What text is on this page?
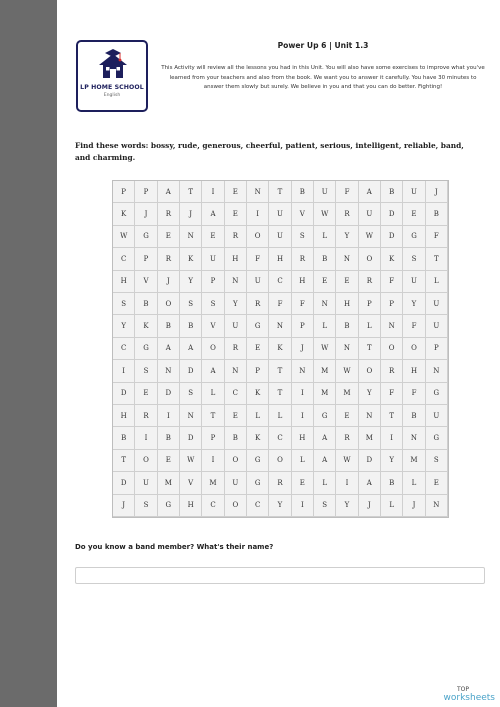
LP HOME SCHOOL
English
Power Up 6 | Unit 1.3
This Activity will review all the lessons you had in this Unit. You will also have some exercises to improve what you've learned from your teachers and also from the book. We want you to answer it carefully. You have 30 minutes to answer them slowly but surely. We believe in you and that you can do better. Fighting!
Find these words: bossy, rude, generous, cheerful, patient, serious, intelligent, reliable, band, and charming.
P	P	A	T	I	E	N	T	B	U	F	A	B	U	J
K	J	R	J	A	E	I	U	V	W	R	U	D	E	B
W	G	E	N	E	R	O	U	S	L	Y	W	D	G	F
C	P	R	K	U	H	F	H	R	B	N	O	K	S	T
H	V	J	Y	P	N	U	C	H	E	E	R	F	U	L
S	B	O	S	S	Y	R	F	F	N	H	P	P	Y	U
Y	K	B	B	V	U	G	N	P	L	B	L	N	F	U
C	G	A	A	O	R	E	K	J	W	N	T	O	O	P
I	S	N	D	A	N	P	T	N	M	W	O	R	H	N
D	E	D	S	L	C	K	T	I	M	M	Y	F	F	G
H	R	I	N	T	E	L	L	I	G	E	N	T	B	U
B	I	B	D	P	B	K	C	H	A	R	M	I	N	G
T	O	E	W	I	O	G	O	L	A	W	D	Y	M	S
D	U	M	V	M	U	G	R	E	L	I	A	B	L	E
J	S	G	H	C	O	C	Y	I	S	Y	J	L	J	N
Do you know a band member? What's their name?
TOP
worksheets
